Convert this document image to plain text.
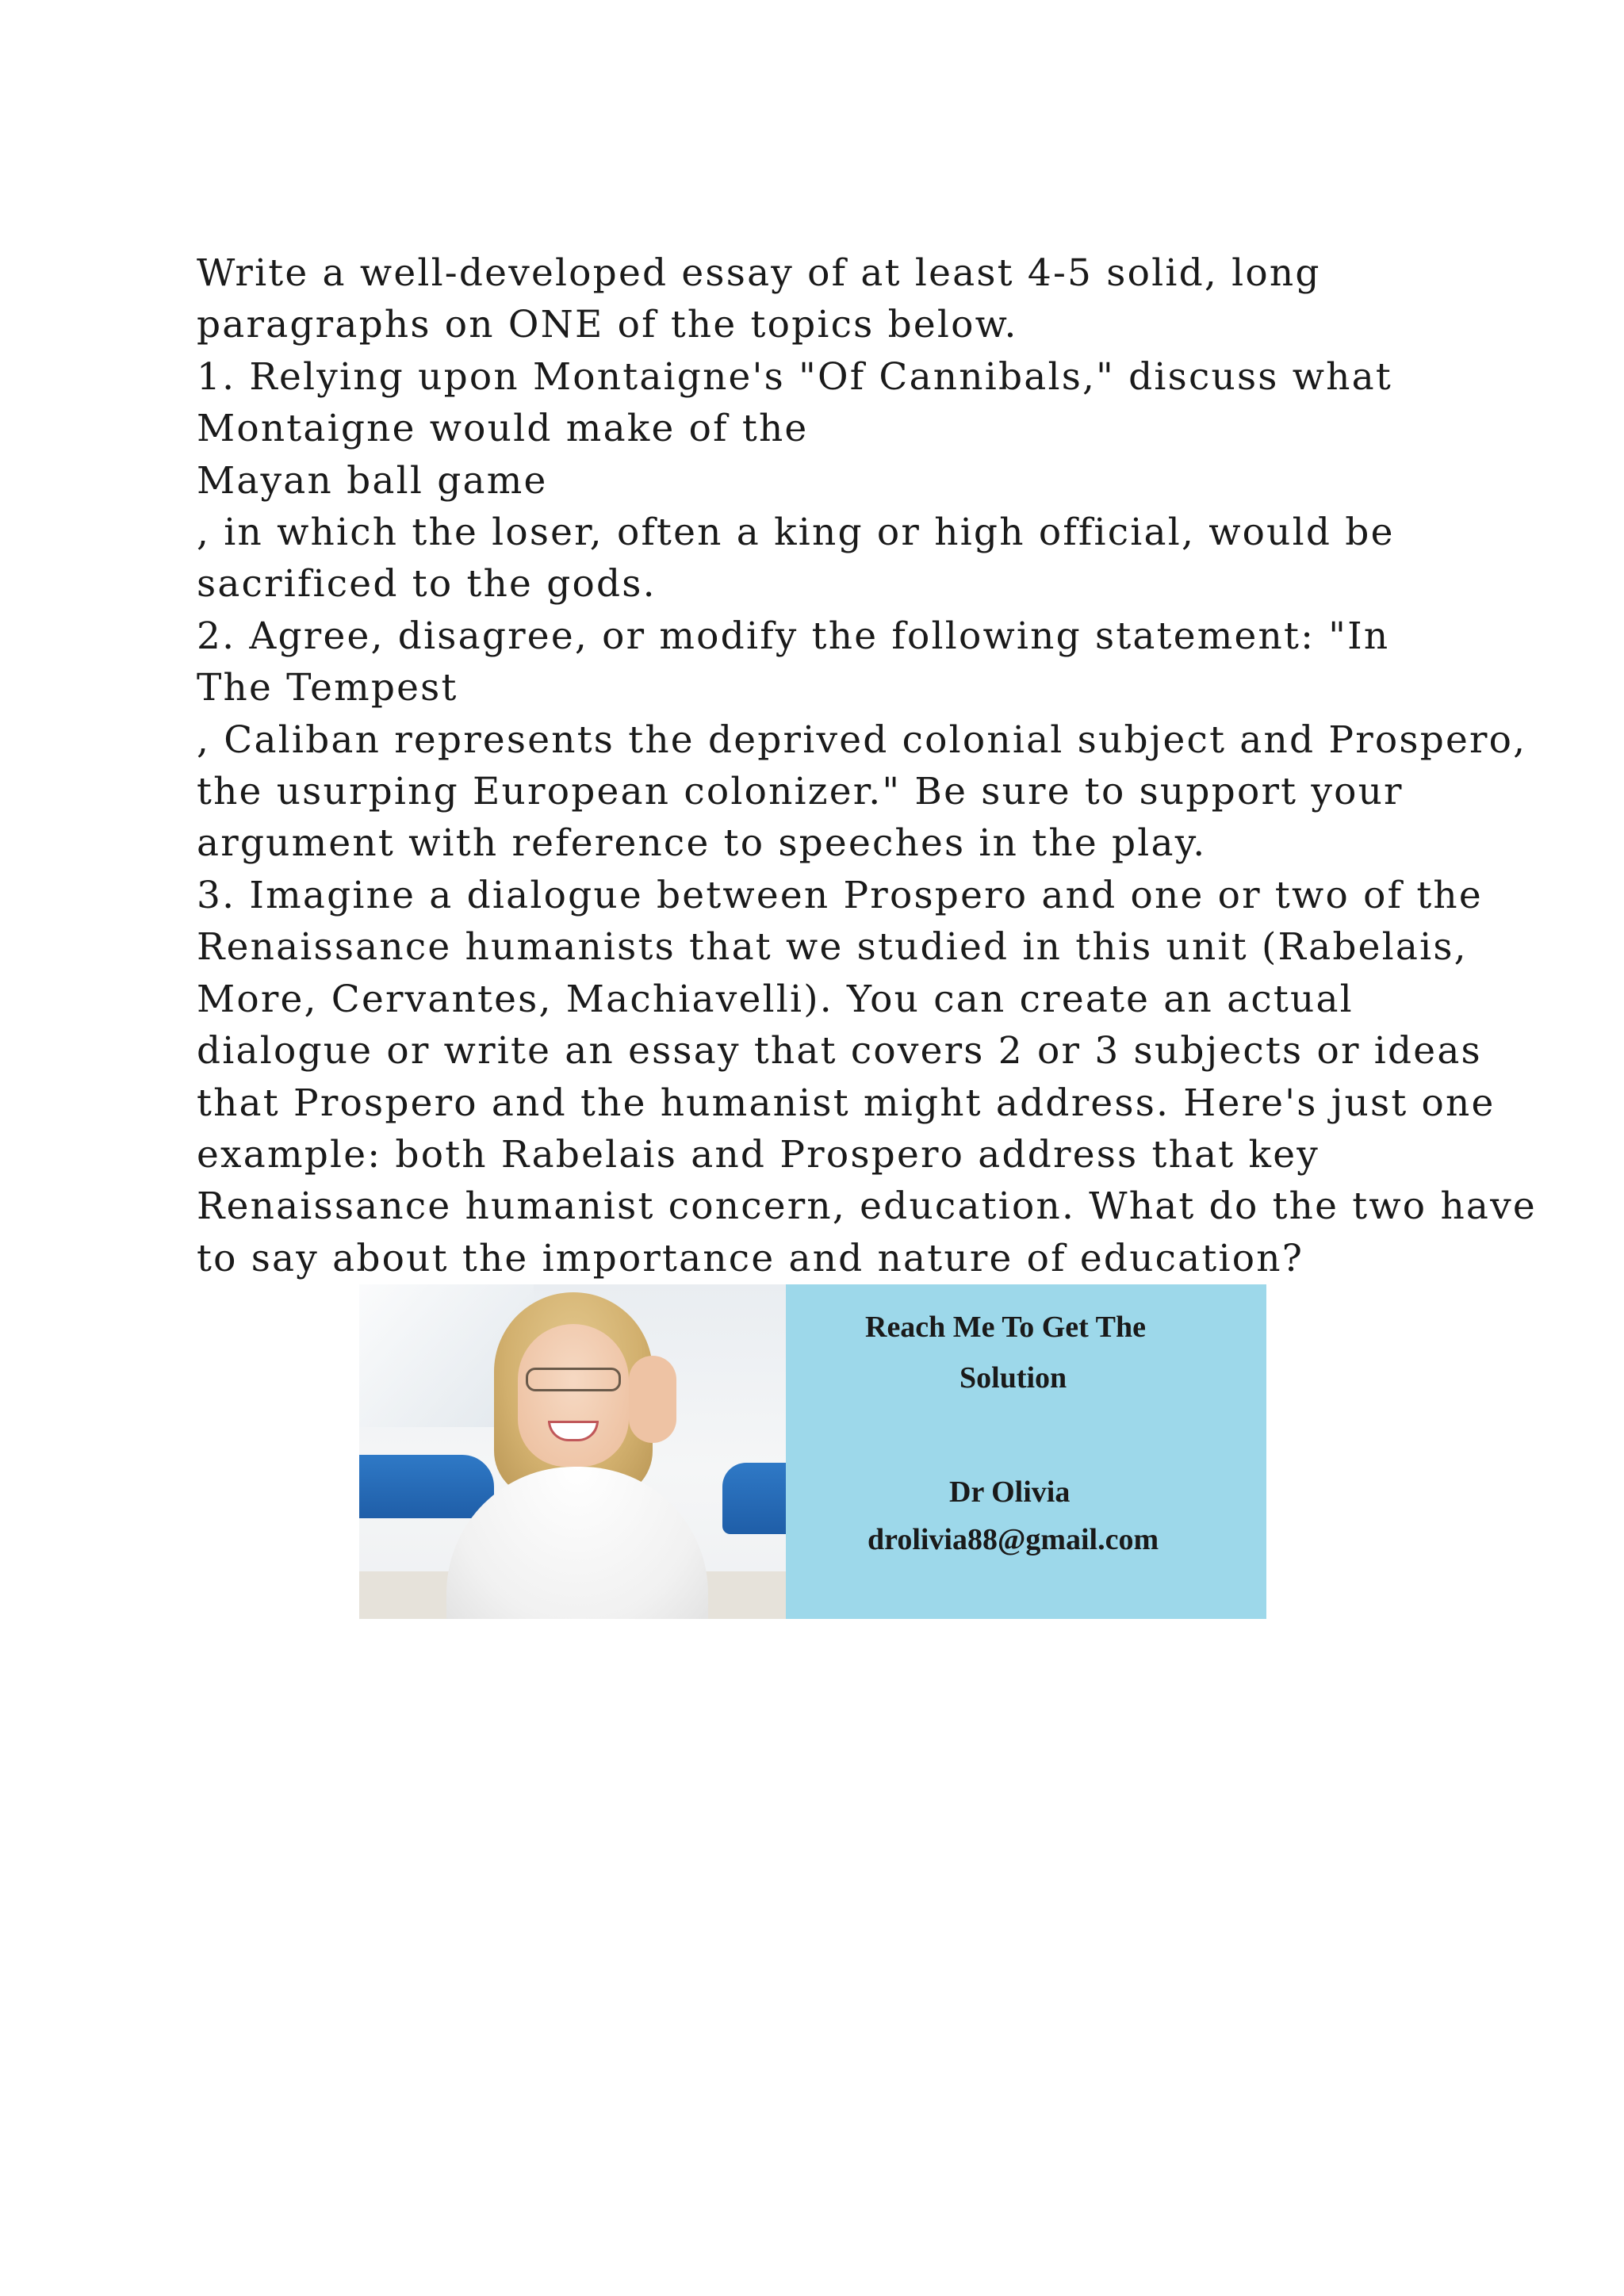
Write a well-developed essay of at least 4-5 solid, long
paragraphs on ONE of the topics below.
1. Relying upon Montaigne's "Of Cannibals," discuss what
Montaigne would make of the
Mayan ball game
, in which the loser, often a king or high official, would be
sacrificed to the gods.
2. Agree, disagree, or modify the following statement: "In
The Tempest
, Caliban represents the deprived colonial subject and Prospero,
the usurping European colonizer." Be sure to support your
argument with reference to speeches in the play.
3. Imagine a dialogue between Prospero and one or two of the
Renaissance humanists that we studied in this unit (Rabelais,
More, Cervantes, Machiavelli). You can create an actual
dialogue or write an essay that covers 2 or 3 subjects or ideas
that Prospero and the humanist might address. Here's just one
example: both Rabelais and Prospero address that key
Renaissance humanist concern, education. What do the two have
to say about the importance and nature of education?
Reach Me To Get The
Solution
Dr Olivia
drolivia88@gmail.com
